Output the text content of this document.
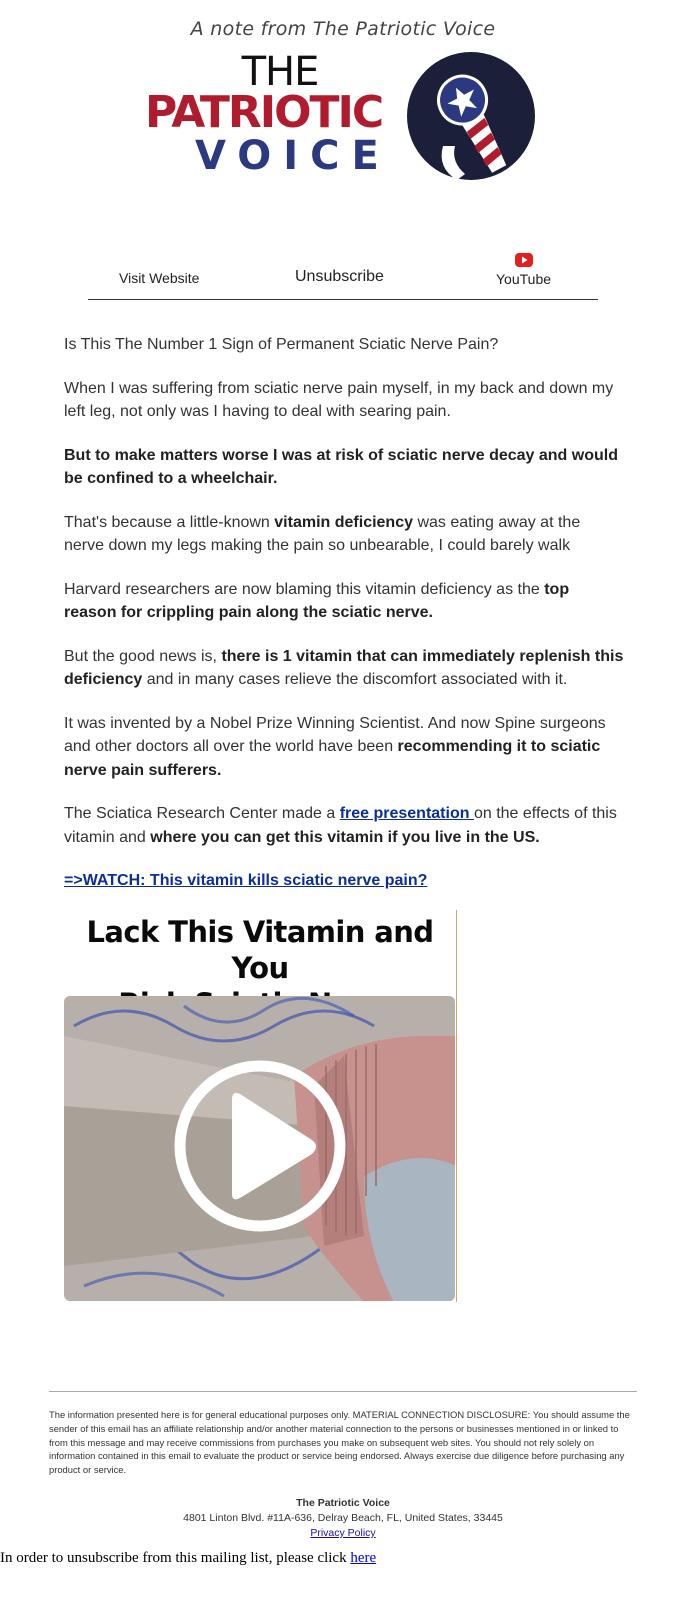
A note from The Patriotic Voice
THE
PATRIOTIC
VOICE
Visit Website	Unsubscribe	YouTube

Is This The Number 1 Sign of Permanent Sciatic Nerve Pain?

When I was suffering from sciatic nerve pain myself, in my back and down my left leg, not only was I having to deal with searing pain.

But to make matters worse I was at risk of sciatic nerve decay and would be confined to a wheelchair.

That's because a little-known vitamin deficiency was eating away at the nerve down my legs making the pain so unbearable, I could barely walk

Harvard researchers are now blaming this vitamin deficiency as the top reason for crippling pain along the sciatic nerve.

But the good news is, there is 1 vitamin that can immediately replenish this deficiency and in many cases relieve the discomfort associated with it.

It was invented by a Nobel Prize Winning Scientist. And now Spine surgeons and other doctors all over the world have been recommending it to sciatic nerve pain sufferers.

The Sciatica Research Center made a free presentation on the effects of this vitamin and where you can get this vitamin if you live in the US.

=>WATCH: This vitamin kills sciatic nerve pain?

Lack This Vitamin and You
The information presented here is for general educational purposes only. MATERIAL CONNECTION DISCLOSURE: You should assume the sender of this email has an affiliate relationship and/or another material connection to the persons or businesses mentioned in or linked to from this message and may receive commissions from purchases you make on subsequent web sites. You should not rely solely on information contained in this email to evaluate the product or service being endorsed. Always exercise due diligence before purchasing any product or service.
The Patriotic Voice
4801 Linton Blvd. #11A-636, Delray Beach, FL, United States, 33445
Privacy Policy
In order to unsubscribe from this mailing list, please click here
